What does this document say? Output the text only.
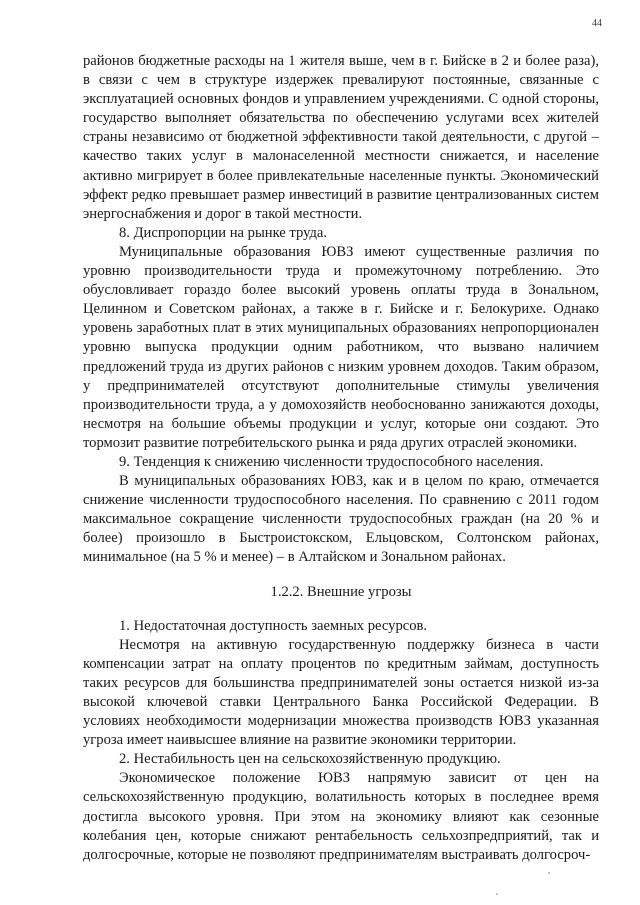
44

районов бюджетные расходы на 1 жителя выше, чем в г. Бийске в 2 и более раза), в связи с чем в структуре издержек превалируют постоянные, связанные с эксплуатацией основных фондов и управлением учреждениями. С одной стороны, государство выполняет обязательства по обеспечению услугами всех жителей страны независимо от бюджетной эффективности такой деятельности, с другой – качество таких услуг в малонаселенной местности снижается, и население активно мигрирует в более привлекательные населенные пункты. Экономический эффект редко превышает размер инвестиций в развитие централизованных систем энергоснабжения и дорог в такой местности.

8. Диспропорции на рынке труда.

Муниципальные образования ЮВЗ имеют существенные различия по уровню производительности труда и промежуточному потреблению. Это обусловливает гораздо более высокий уровень оплаты труда в Зональном, Целинном и Советском районах, а также в г. Бийске и г. Белокурихе. Однако уровень заработных плат в этих муниципальных образованиях непропорционален уровню выпуска продукции одним работником, что вызвано наличием предложений труда из других районов с низким уровнем доходов. Таким образом, у предпринимателей отсутствуют дополнительные стимулы увеличения производительности труда, а у домохозяйств необоснованно занижаются доходы, несмотря на большие объемы продукции и услуг, которые они создают. Это тормозит развитие потребительского рынка и ряда других отраслей экономики.

9. Тенденция к снижению численности трудоспособного населения.

В муниципальных образованиях ЮВЗ, как и в целом по краю, отмечается снижение численности трудоспособного населения. По сравнению с 2011 годом максимальное сокращение численности трудоспособных граждан (на 20 % и более) произошло в Быстроистокском, Ельцовском, Солтонском районах, минимальное (на 5 % и менее) – в Алтайском и Зональном районах.

1.2.2. Внешние угрозы

1. Недостаточная доступность заемных ресурсов.

Несмотря на активную государственную поддержку бизнеса в части компенсации затрат на оплату процентов по кредитным займам, доступность таких ресурсов для большинства предпринимателей зоны остается низкой из-за высокой ключевой ставки Центрального Банка Российской Федерации. В условиях необходимости модернизации множества производств ЮВЗ указанная угроза имеет наивысшее влияние на развитие экономики территории.

2. Нестабильность цен на сельскохозяйственную продукцию.

Экономическое положение ЮВЗ напрямую зависит от цен на сельскохозяйственную продукцию, волатильность которых в последнее время достигла высокого уровня. При этом на экономику влияют как сезонные колебания цен, которые снижают рентабельность сельхозпредприятий, так и долгосрочные, которые не позволяют предпринимателям выстраивать долгосроч-
